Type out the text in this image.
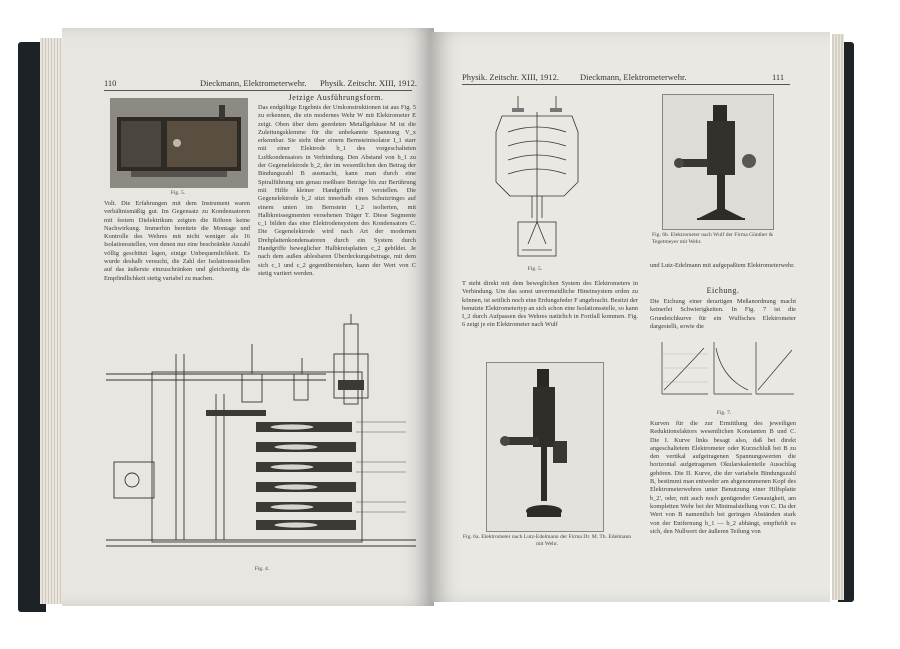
110	Dieckmann, Elektrometerwehr. Physik. Zeitschr. XIII, 1912.
Fig. 5.
Volt. Die Erfahrungen mit dem Instrument waren verhältnismäßig gut. Im Gegensatz zu Kondensatoren mit festem Dielektrikum zeigten die Röhren keine Nachwirkung. Immerhin bereitete die Montage und Kontrolle des Wehres mit nicht weniger als 16 Isolationsstellen, von denen nur eine beschränkte Anzahl völlig geschützt lagen, einige Unbequemlichkeit. Es wurde deshalb versucht, die Zahl der Isolationsstellen auf das äußerste einzuschränken und gleichzeitig die Empfindlichkeit stetig variabel zu machen.
Jetzige Ausführungsform.
Das endgültige Ergebnis der Umkonstruktionen ist aus Fig. 5 zu erkennen, die ein modernes Wehr W mit Elektrometer E zeigt. Oben über dem geerdeten Metallgehäuse M ist die Zuleitungsklemme für die unbekannte Spannung V_x erkennbar. Sie steht über einem Bernsteinisolator I_1 starr mit einer Elektrode b_1 des vorgeschalteten Luftkondensators in Verbindung. Den Abstand von b_1 zu der Gegenelektrode b_2, der im wesentlichen den Betrag der Bindungszahl B ausmacht, kann man durch eine Spiralführung um genau meßbare Beträge bis zur Berührung mit Hilfe kleiner Handgriffe H verstellen. Die Gegenelektrode b_2 sitzt innerhalb eines Schutzringes auf einem unten im Bernstein I_2 isolierten, mit Halbkreissegmenten versehenen Träger T. Diese Segmente c_1 bilden das eine Elektrodensystem des Kondensators C. Die Gegenelektrode wird nach Art der modernen Drehplattenkondensatoren durch ein System durch Handgriffe beweglicher Halbkreisplatten c_2 gebildet. Je nach dem außen ablesbaren Überdeckungsbetrage, mit dem sich c_1 und c_2 gegenüberstehen, kann der Wert von C stetig variiert werden.
Fig. 4.
Physik. Zeitschr. XIII, 1912. Dieckmann, Elektrometerwehr.	111
Fig. 5.
Fig. 6b. Elektrometer nach Wulf der Firma Günther & Tegetmeyer mit Wehr.
T steht direkt mit dem beweglichen System des Elektrometers in Verbindung. Um das sonst unvermeidliche Hineinsystem erden zu können, ist seitlich noch eine Erdungsfeder F angebracht. Besitzt der benutzte Elektrometertyp an sich schon eine Isolationsstelle, so kann I_2 durch Aufpassen des Wehres natürlich in Fortfall kommen. Fig. 6 zeigt je ein Elektrometer nach Wulf
Fig. 6a. Elektrometer nach Lutz-Edelmann der Firma Dr. M. Th. Edelmann mit Wehr.
und Lutz-Edelmann mit aufgepaßtem Elektrometerwehr.
Eichung.
Die Eichung einer derartigen Meßanordnung macht keinerlei Schwierigkeiten. In Fig. 7 ist die Grundeichkurve für ein Wulfsches Elektrometer dargestellt, sowie die
Fig. 7.
Kurven für die zur Ermittlung des jeweiligen Reduktionsfaktors wesentlichen Konstanten B und C. Die I. Kurve links besagt also, daß bei direkt angeschaltetem Elektrometer oder Kurzschluß bei B zu den vertikal aufgetragenen Spannungswerten die horizontal aufgetragenen Okularskalenteile Ausschlag gehören. Die II. Kurve, die der variabeln Bindungszahl B, bestimmt man entweder am abgenommenen Kopf des Elektrometerwehres unter Benutzung einer Hilfsplatte b_2', oder, mit auch noch genügender Genauigkeit, am kompletten Wehr bei der Minimalstellung von C. Da der Wert von B namentlich bei geringen Abständen stark von der Entfernung b_1 — b_2 abhängt, empfiehlt es sich, den Nullwert der äußeren Teilung von
